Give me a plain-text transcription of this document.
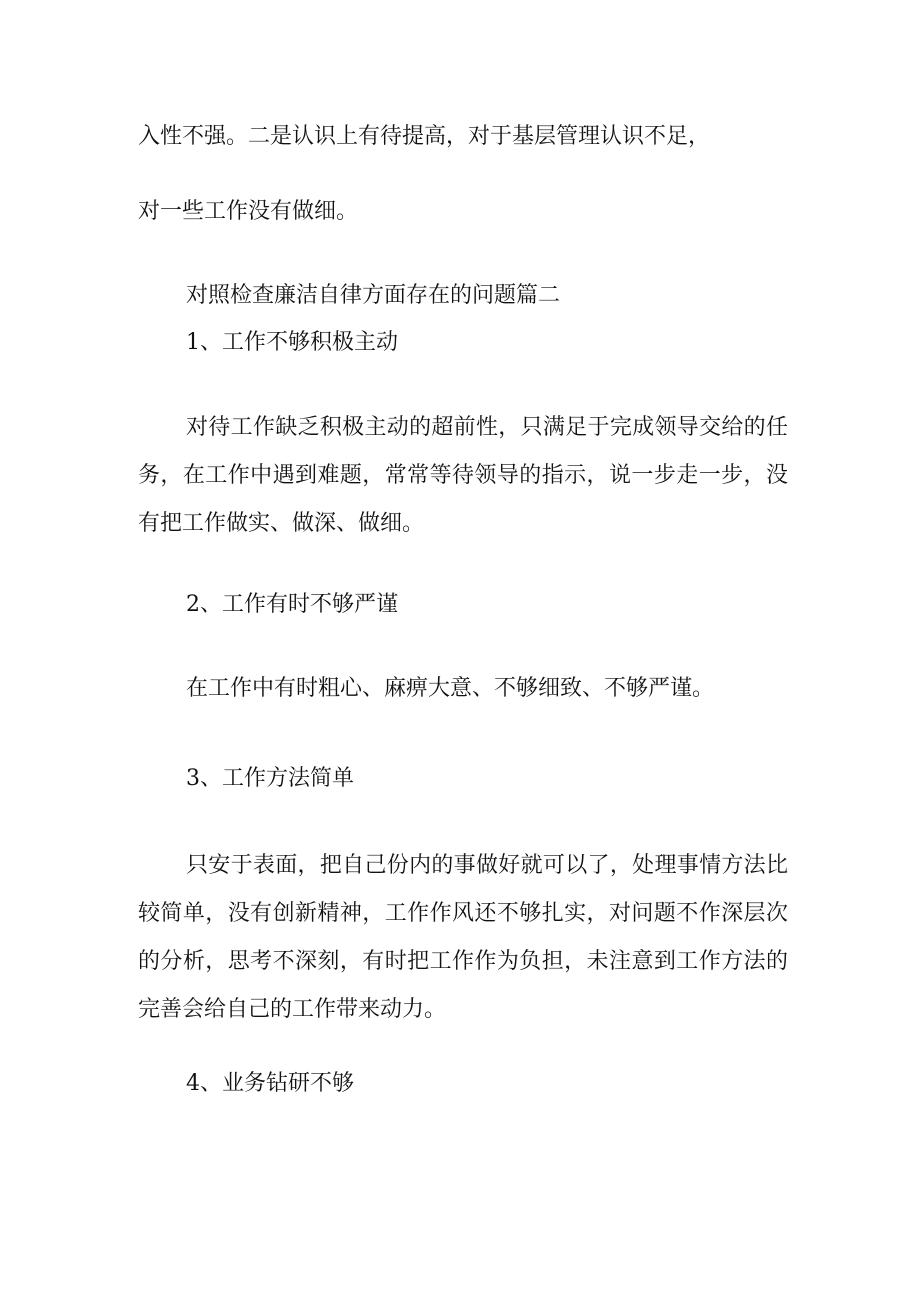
入性不强。二是认识上有待提高，对于基层管理认识不足，
对一些工作没有做细。
对照检查廉洁自律方面存在的问题篇二
1、工作不够积极主动
对待工作缺乏积极主动的超前性，只满足于完成领导交给的任务，在工作中遇到难题，常常等待领导的指示，说一步走一步，没有把工作做实、做深、做细。
2、工作有时不够严谨
在工作中有时粗心、麻痹大意、不够细致、不够严谨。
3、工作方法简单
只安于表面，把自己份内的事做好就可以了，处理事情方法比较简单，没有创新精神，工作作风还不够扎实，对问题不作深层次的分析，思考不深刻，有时把工作作为负担，未注意到工作方法的完善会给自己的工作带来动力。
4、业务钻研不够
